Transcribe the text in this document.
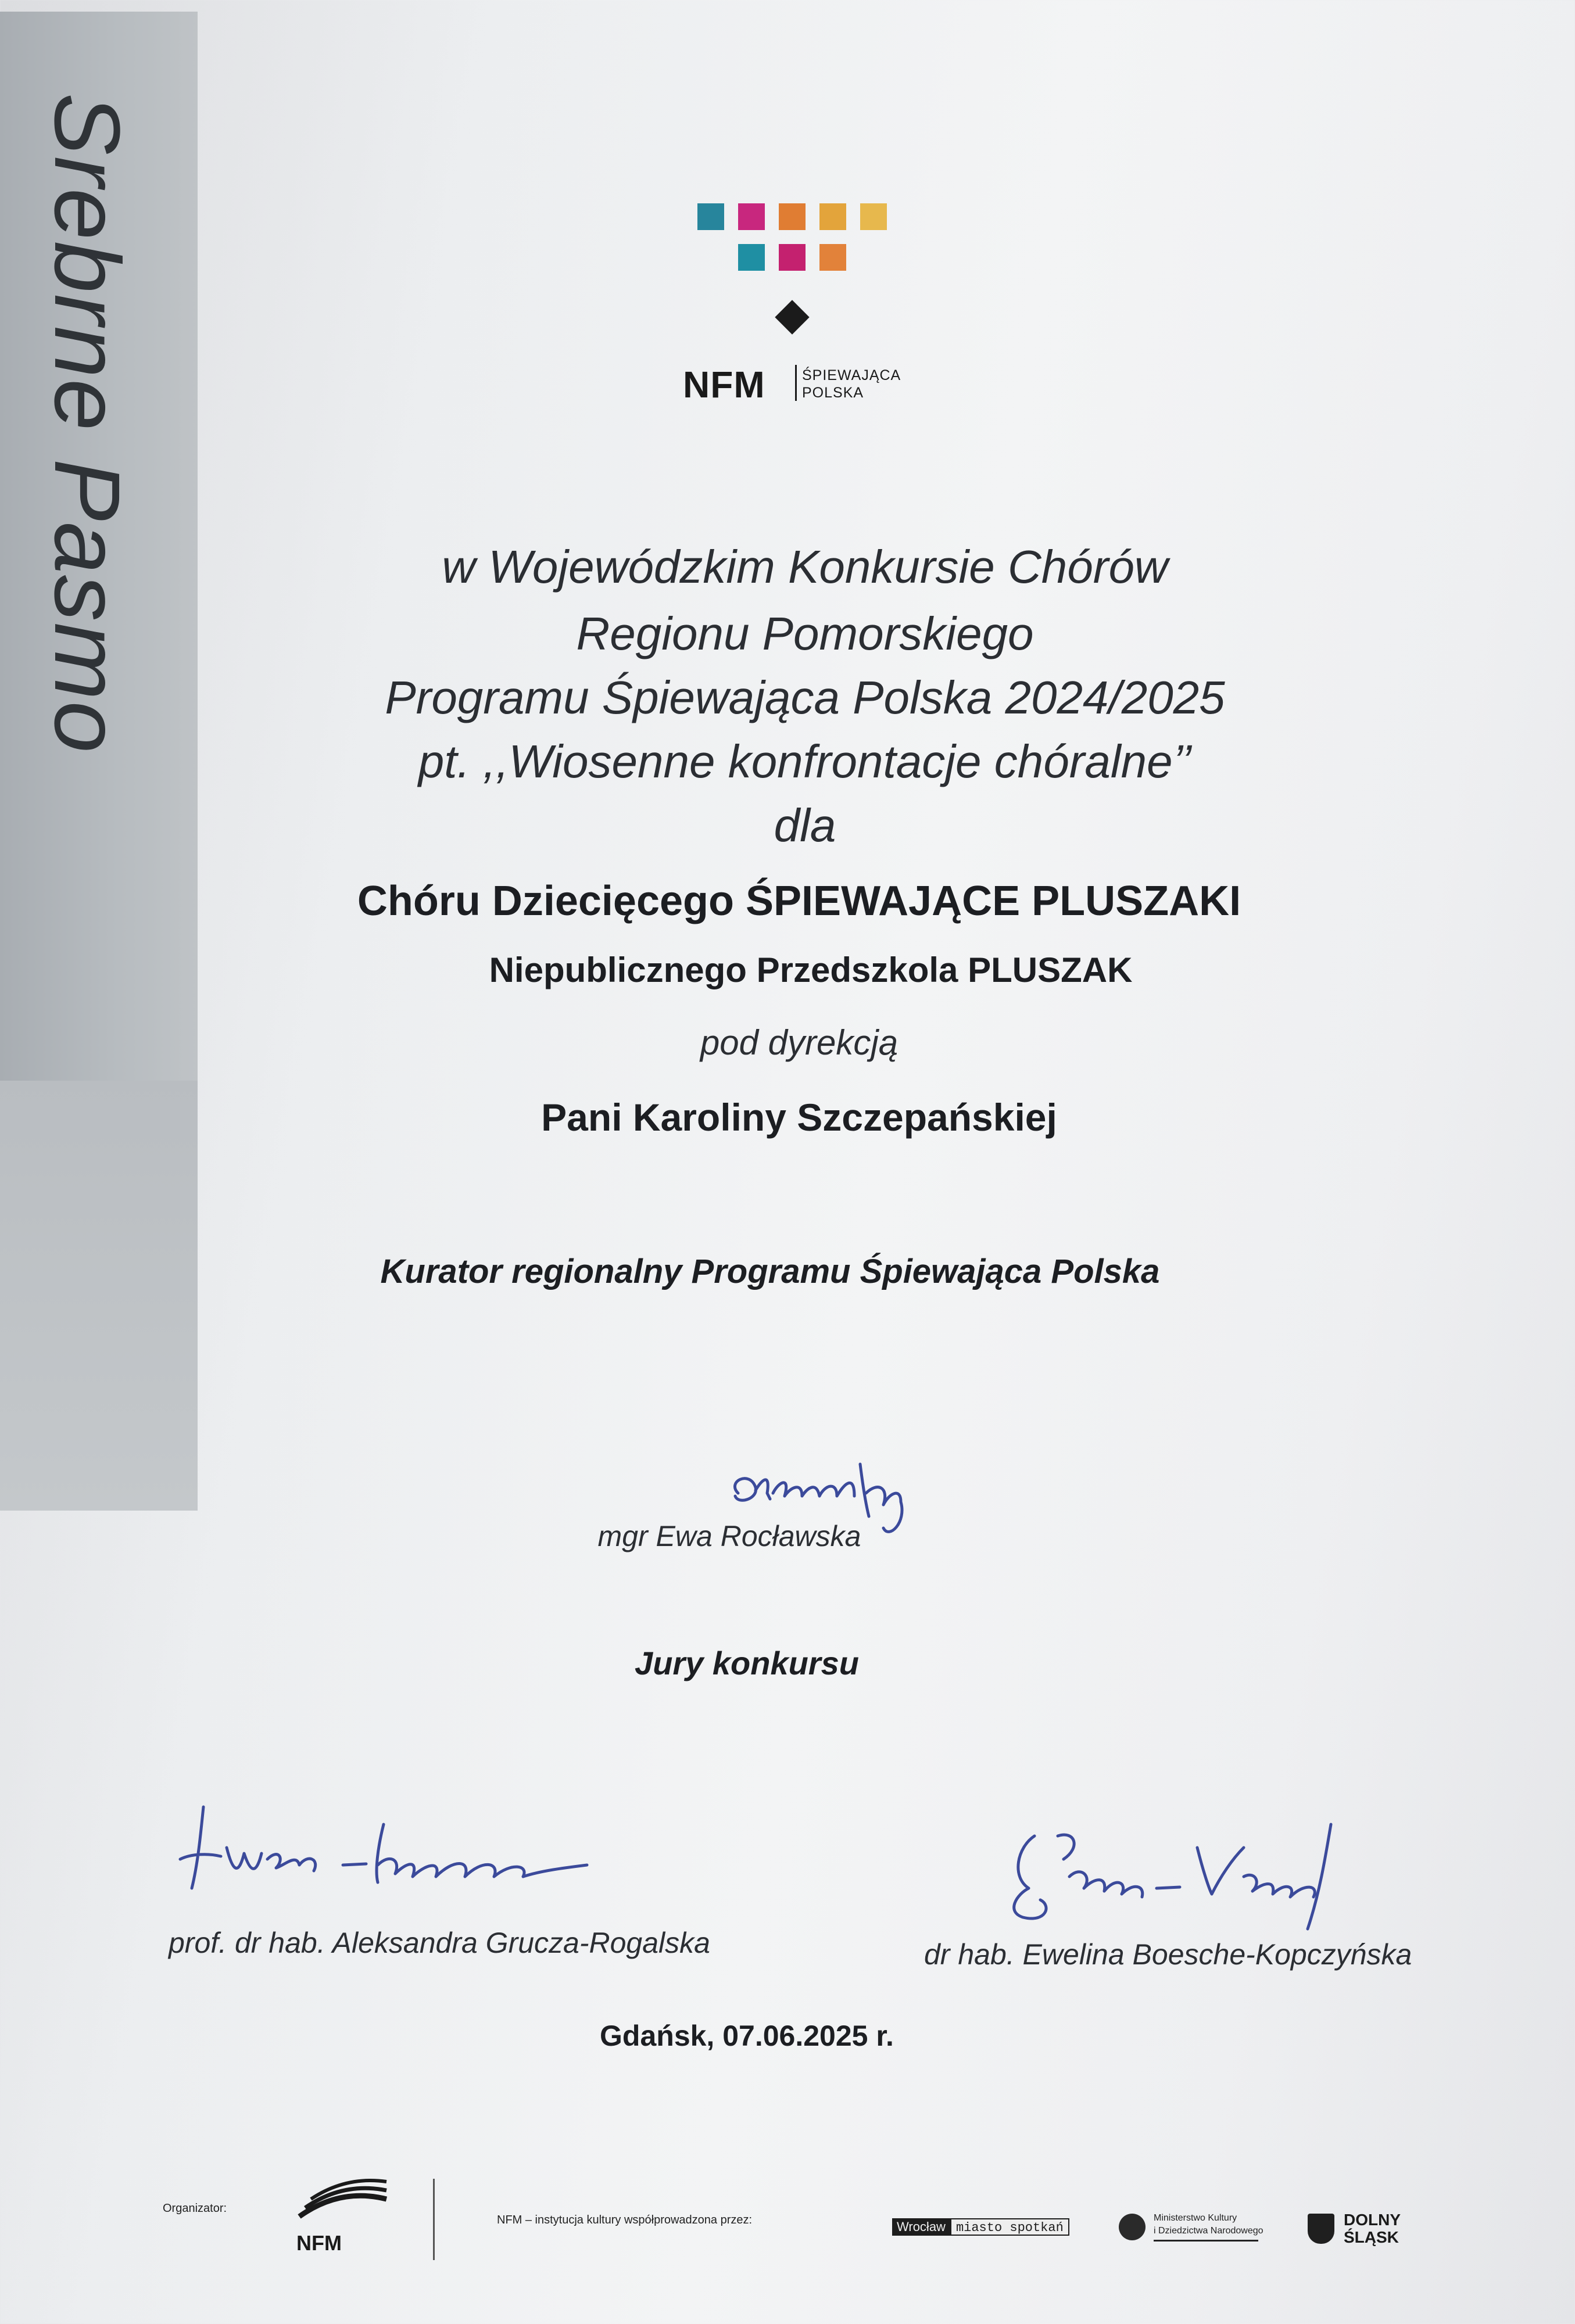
Srebrne Pasmo	NFM	ŚPIEWAJĄCA
POLSKA
w Wojewódzkim Konkursie Chórów
Regionu Pomorskiego
Programu Śpiewająca Polska 2024/2025
pt. ,,Wiosenne konfrontacje chóralne’’
dla
Chóru Dziecięcego ŚPIEWAJĄCE PLUSZAKI
Niepublicznego Przedszkola PLUSZAK
pod dyrekcją
Pani Karoliny Szczepańskiej
Kurator regionalny Programu Śpiewająca Polska
mgr Ewa Rocławska
Jury konkursu
prof. dr hab. Aleksandra Grucza-Rogalska	dr hab. Ewelina Boesche-Kopczyńska
Gdańsk, 07.06.2025 r.
Organizator:
NFM
NFM – instytucja kultury współprowadzona przez:	Wrocław miasto spotkań
Ministerstwo Kultury
i Dziedzictwa Narodowego
DOLNY
ŚLĄSK
